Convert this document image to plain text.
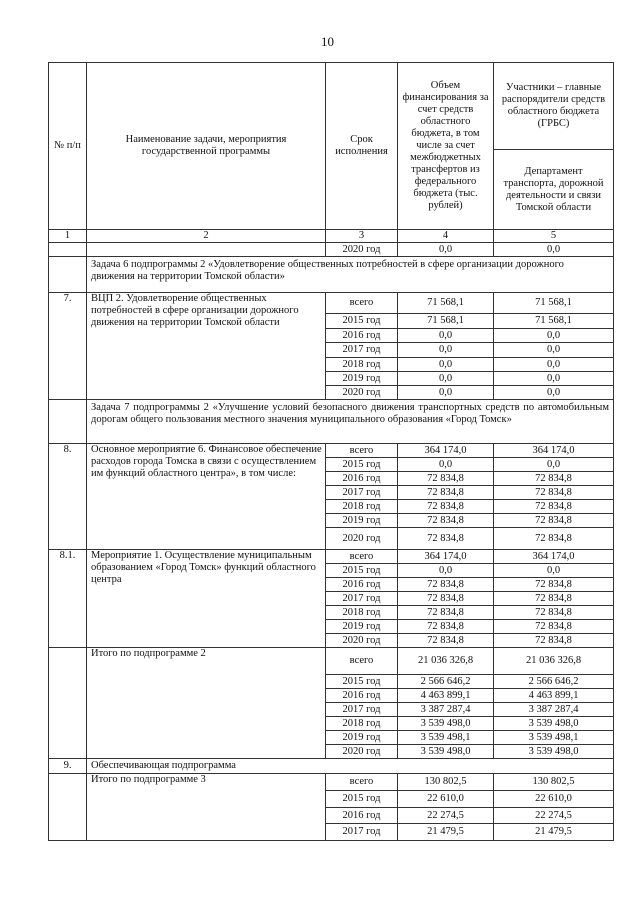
10
№ п/п	Наименование задачи, мероприятия государственной программы	Срок исполнения	Объем финансирования за счет средств областного бюджета, в том числе за счет межбюджетных трансфертов из федерального бюджета (тыс. рублей)	Участники – главные распорядители средств областного бюджета (ГРБС)
				Департамент транспорта, дорожной деятельности и связи Томской области
1	2	3	4	5
		2020 год	0,0	0,0
	Задача 6 подпрограммы 2 «Удовлетворение общественных потребностей в сфере организации дорожного движения на территории Томской области»			
7.	ВЦП 2. Удовлетворение общественных потребностей в сфере организации дорожного движения на территории Томской области	всего	71 568,1	71 568,1
		2015 год	71 568,1	71 568,1
		2016 год	0,0	0,0
		2017 год	0,0	0,0
		2018 год	0,0	0,0
		2019 год	0,0	0,0
		2020 год	0,0	0,0
	Задача 7 подпрограммы 2 «Улучшение условий безопасного движения транспортных средств по автомобильным дорогам общего пользования местного значения муниципального образования «Город Томск»			
8.	Основное мероприятие 6. Финансовое обеспечение расходов города Томска в связи с осуществлением им функций областного центра», в том числе:	всего	364 174,0	364 174,0
		2015 год	0,0	0,0
		2016 год	72 834,8	72 834,8
		2017 год	72 834,8	72 834,8
		2018 год	72 834,8	72 834,8
		2019 год	72 834,8	72 834,8
		2020 год	72 834,8	72 834,8
8.1.	Мероприятие 1. Осуществление муниципальным образованием «Город Томск» функций областного центра	всего	364 174,0	364 174,0
		2015 год	0,0	0,0
		2016 год	72 834,8	72 834,8
		2017 год	72 834,8	72 834,8
		2018 год	72 834,8	72 834,8
		2019 год	72 834,8	72 834,8
		2020 год	72 834,8	72 834,8
	Итого по подпрограмме 2	всего	21 036 326,8	21 036 326,8
		2015 год	2 566 646,2	2 566 646,2
		2016 год	4 463 899,1	4 463 899,1
		2017 год	3 387 287,4	3 387 287,4
		2018 год	3 539 498,0	3 539 498,0
		2019 год	3 539 498,1	3 539 498,1
		2020 год	3 539 498,0	3 539 498,0
9.	Обеспечивающая подпрограмма			
	Итого по подпрограмме 3	всего	130 802,5	130 802,5
		2015 год	22 610,0	22 610,0
		2016 год	22 274,5	22 274,5
		2017 год	21 479,5	21 479,5
